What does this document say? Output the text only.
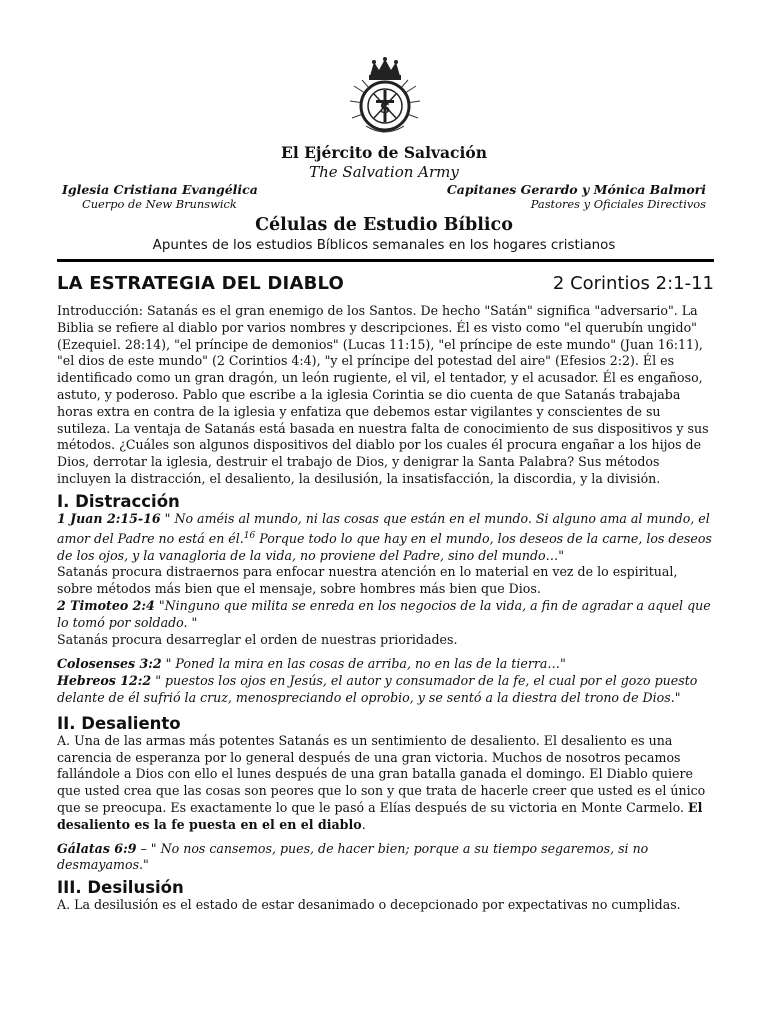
S
El Ejército de Salvación
The Salvation Army
Iglesia Cristiana Evangélica
Cuerpo de New Brunswick
Capitanes Gerardo y Mónica Balmori
Pastores y Oficiales Directivos
Células de Estudio Bíblico
Apuntes de los estudios Bíblicos semanales en los hogares cristianos
LA ESTRATEGIA DEL DIABLO	2 Corintios 2:1-11

Introducción: Satanás es el gran enemigo de los Santos. De hecho "Satán" significa "adversario". La Biblia se refiere al diablo por varios nombres y descripciones. Él es visto como "el querubín ungido" (Ezequiel. 28:14), "el príncipe de demonios" (Lucas 11:15), "el príncipe de este mundo" (Juan 16:11), "el dios de este mundo" (2 Corintios 4:4), "y el príncipe del potestad del aire" (Efesios 2:2). Él es identificado como un gran dragón, un león rugiente, el vil, el tentador, y el acusador. Él es engañoso, astuto, y poderoso. Pablo que escribe a la iglesia Corintia se dio cuenta de que Satanás trabajaba horas extra en contra de la iglesia y enfatiza que debemos estar vigilantes y conscientes de su sutileza. La ventaja de Satanás está basada en nuestra falta de conocimiento de sus dispositivos y sus métodos. ¿Cuáles son algunos dispositivos del diablo por los cuales él procura engañar a los hijos de Dios, derrotar la iglesia, destruir el trabajo de Dios, y denigrar la Santa Palabra? Sus métodos incluyen la distracción, el desaliento, la desilusión, la insatisfacción, la discordia, y la división.

I. Distracción

1 Juan 2:15-16 " No améis al mundo, ni las cosas que están en el mundo. Si alguno ama al mundo, el amor del Padre no está en él.$^{16}$ Porque todo lo que hay en el mundo, los deseos de la carne, los deseos de los ojos, y la vanagloria de la vida, no proviene del Padre, sino del mundo…"

Satanás procura distraernos para enfocar nuestra atención en lo material en vez de lo espiritual, sobre métodos más bien que el mensaje, sobre hombres más bien que Dios.

2 Timoteo 2:4 "Ninguno que milita se enreda en los negocios de la vida, a fin de agradar a aquel que lo tomó por soldado. "

Satanás procura desarreglar el orden de nuestras prioridades.

Colosenses 3:2 " Poned la mira en las cosas de arriba, no en las de la tierra…"

Hebreos 12:2 " puestos los ojos en Jesús, el autor y consumador de la fe, el cual por el gozo puesto delante de él sufrió la cruz, menospreciando el oprobio, y se sentó a la diestra del trono de Dios."

II. Desaliento

A. Una de las armas más potentes Satanás es un sentimiento de desaliento. El desaliento es una carencia de esperanza por lo general después de una gran victoria. Muchos de nosotros pecamos fallándole a Dios con ello el lunes después de una gran batalla ganada el domingo. El Diablo quiere que usted crea que las cosas son peores que lo son y que trata de hacerle creer que usted es el único que se preocupa. Es exactamente lo que le pasó a Elías después de su victoria en Monte Carmelo. El desaliento es la fe puesta en el en el diablo.

Gálatas 6:9 – " No nos cansemos, pues, de hacer bien; porque a su tiempo segaremos, si no desmayamos."

III. Desilusión

A. La desilusión es el estado de estar desanimado o decepcionado por expectativas no cumplidas.
